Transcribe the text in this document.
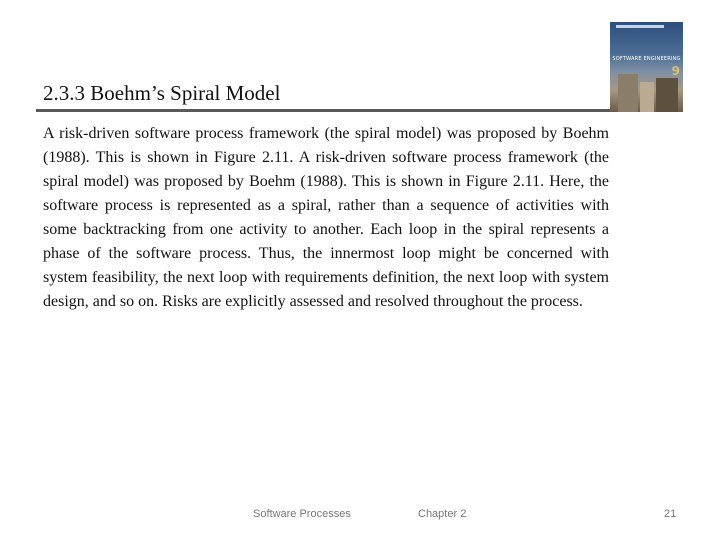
2.3.3 Boehm’s Spiral Model
SOFTWARE ENGINEERING
9

A risk-driven software process framework (the spiral model) was proposed by Boehm (1988). This is shown in Figure 2.11. A risk-driven software process framework (the spiral model) was proposed by Boehm (1988). This is shown in Figure 2.11. Here, the software process is represented as a spiral, rather than a sequence of activities with some backtracking from one activity to another. Each loop in the spiral represents a phase of the software process. Thus, the innermost loop might be concerned with system feasibility, the next loop with requirements definition, the next loop with system design, and so on. Risks are explicitly assessed and resolved throughout the process.

Software Processes	Chapter 2	21
